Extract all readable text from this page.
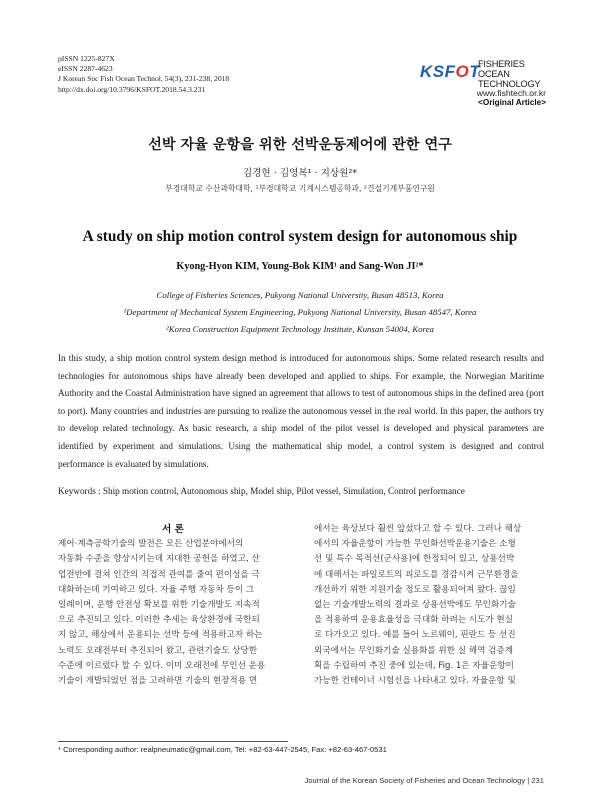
pISSN 1225-827X
eISSN 2287-4623
J Korean Soc Fish Ocean Technol, 54(3), 231-238, 2018
http://dx.doi.org/10.3796/KSFOT.2018.54.3.231
KSFOT
FISHERIES OCEAN
TECHNOLOGY
www.fishtech.or.kr
<Original Article>
선박 자율 운항을 위한 선박운동제어에 관한 연구
김경현 · 김영복¹ · 지상원²*
부경대학교 수산과학대학, ¹부경대학교 기계시스템공학과, ²건설기계부품연구원
A study on ship motion control system design for autonomous ship
Kyong-Hyon KIM, Young-Bok KIM¹ and Sang-Won JI²*
College of Fisheries Sciences, Pukyong National University, Busan 48513, Korea
¹Department of Mechanical System Engineering, Pukyong National University, Busan 48547, Korea
²Korea Construction Equipment Technology Institute, Kunsan 54004, Korea
In this study, a ship motion control system design method is introduced for autonomous ships. Some related research results and technologies for autonomous ships have already been developed and applied to ships. For example, the Norwegian Maritime Authority and the Coastal Administration have signed an agreement that allows to test of autonomous ships in the defined area (port to port). Many countries and industries are pursuing to realize the autonomous vessel in the real world. In this paper, the authors try to develop related technology. As basic research, a ship model of the pilot vessel is developed and physical parameters are identified by experiment and simulations. Using the mathematical ship model, a control system is designed and control performance is evaluated by simulations.
Keywords : Ship motion control, Autonomous ship, Model ship, Pilot vessel, Simulation, Control performance
서 론
제어·계측공학기술의 발전은 모든 산업분야에서의
자동화 수준을 향상시키는데 지대한 공헌을 하였고, 산
업전반에 걸쳐 인간의 직접적 관여를 줄여 편이성을 극
대화하는데 기여하고 있다. 자율 주행 자동차 등이 그
일례이며, 운행 안전성 확보를 위한 기술개발도 지속적
으로 추진되고 있다. 이러한 추세는 육상환경에 국한되
지 않고, 해상에서 운용되는 선박 등에 적용하고자 하는
노력도 오래전부터 추진되어 왔고, 관련기술도 상당한
수준에 이르렀다 할 수 있다. 이미 오래전에 무인선 운용
기술이 개발되었던 점을 고려하면 기술의 현장적용 면
에서는 육상보다 훨씬 앞섰다고 할 수 있다. 그러나 해상
에서의 자율운항이 가능한 무인화선박운용기술은 소형
선 및 특수 목적선(군사용)에 한정되어 있고, 상용선박
에 대해서는 파일로트의 피로도를 경감시켜 근무환경을
개선하기 위한 지원기술 정도로 활용되어져 왔다. 끊임
없는 기술개발노력의 결과로 상용선박에도 무인화기술
을 적용하여 운용효율성을 극대화 하려는 시도가 현실
로 다가오고 있다. 예를 들어 노르웨이, 핀란드 등 선진
외국에서는 무인화기술 실용화를 위한 실 해역 검증계
획을 수립하여 추진 중에 있는데, Fig. 1은 자율운항이
가능한 컨테이너 시험선을 나타내고 있다. 자율운항 및
* Corresponding author: realpneumatic@gmail.com, Tel: +82-63-447-2545, Fax: +82-63-467-0531
Journal of the Korean Society of Fisheries and Ocean Technology | 231
